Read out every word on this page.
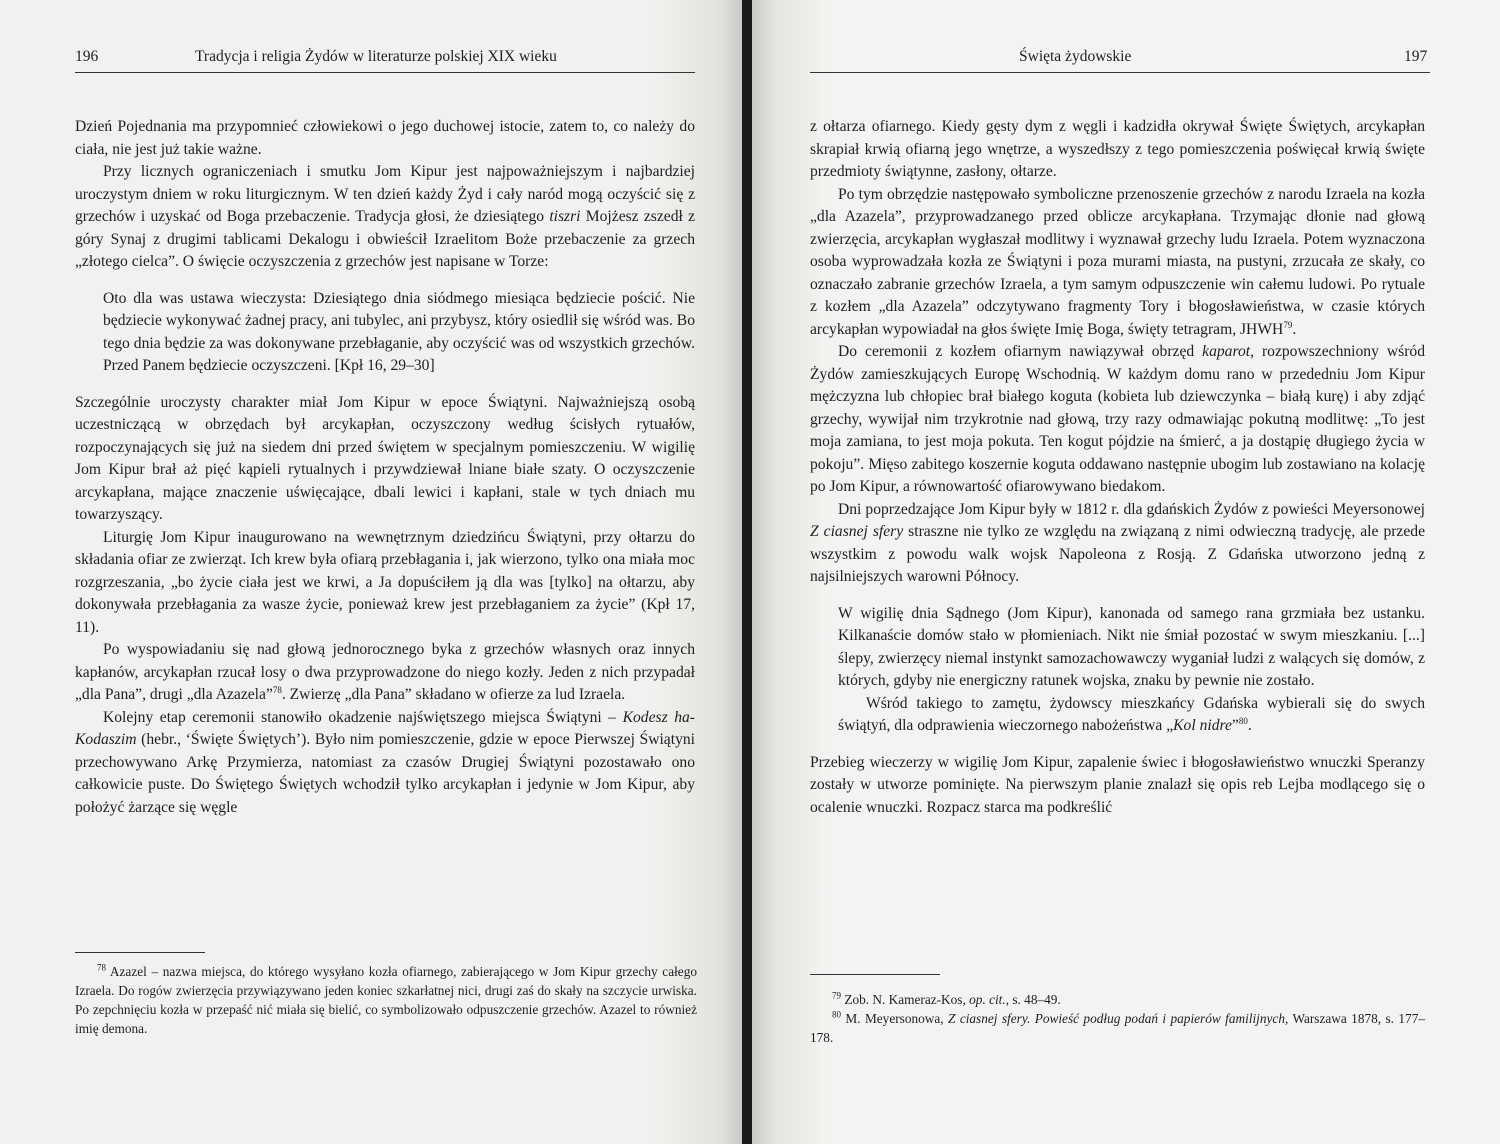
196	Tradycja i religia Żydów w literaturze polskiej XIX wieku

Dzień Pojednania ma przypomnieć człowiekowi o jego duchowej istocie, zatem to, co należy do ciała, nie jest już takie ważne.

Przy licznych ograniczeniach i smutku Jom Kipur jest najpoważniejszym i najbardziej uroczystym dniem w roku liturgicznym. W ten dzień każdy Żyd i cały naród mogą oczyścić się z grzechów i uzyskać od Boga przebaczenie. Tradycja głosi, że dziesiątego tiszri Mojżesz zszedł z góry Synaj z drugimi tablicami Dekalogu i obwieścił Izraelitom Boże przebaczenie za grzech „złotego cielca”. O święcie oczyszczenia z grzechów jest napisane w Torze:

Oto dla was ustawa wieczysta: Dziesiątego dnia siódmego miesiąca będziecie pościć. Nie będziecie wykonywać żadnej pracy, ani tubylec, ani przybysz, który osiedlił się wśród was. Bo tego dnia będzie za was dokonywane przebłaganie, aby oczyścić was od wszystkich grzechów. Przed Panem będziecie oczyszczeni. [Kpł 16, 29–30]

Szczególnie uroczysty charakter miał Jom Kipur w epoce Świątyni. Najważniejszą osobą uczestniczącą w obrzędach był arcykapłan, oczyszczony według ścisłych rytuałów, rozpoczynających się już na siedem dni przed świętem w specjalnym pomieszczeniu. W wigilię Jom Kipur brał aż pięć kąpieli rytualnych i przywdziewał lniane białe szaty. O oczyszczenie arcykapłana, mające znaczenie uświęcające, dbali lewici i kapłani, stale w tych dniach mu towarzyszący.

Liturgię Jom Kipur inaugurowano na wewnętrznym dziedzińcu Świątyni, przy ołtarzu do składania ofiar ze zwierząt. Ich krew była ofiarą przebłagania i, jak wierzono, tylko ona miała moc rozgrzeszania, „bo życie ciała jest we krwi, a Ja dopuściłem ją dla was [tylko] na ołtarzu, aby dokonywała przebłagania za wasze życie, ponieważ krew jest przebłaganiem za życie” (Kpł 17, 11).

Po wyspowiadaniu się nad głową jednorocznego byka z grzechów własnych oraz innych kapłanów, arcykapłan rzucał losy o dwa przyprowadzone do niego kozły. Jeden z nich przypadał „dla Pana”, drugi „dla Azazela”$^{78}$. Zwierzę „dla Pana” składano w ofierze za lud Izraela.

Kolejny etap ceremonii stanowiło okadzenie najświętszego miejsca Świątyni – Kodesz ha-Kodaszim (hebr., ‘Święte Świętych’). Było nim pomieszczenie, gdzie w epoce Pierwszej Świątyni przechowywano Arkę Przymierza, natomiast za czasów Drugiej Świątyni pozostawało ono całkowicie puste. Do Świętego Świętych wchodził tylko arcykapłan i jedynie w Jom Kipur, aby położyć żarzące się węgle

$^{78}$ Azazel – nazwa miejsca, do którego wysyłano kozła ofiarnego, zabierającego w Jom Kipur grzechy całego Izraela. Do rogów zwierzęcia przywiązywano jeden koniec szkarłatnej nici, drugi zaś do skały na szczycie urwiska. Po zepchnięciu kozła w przepaść nić miała się bielić, co symbolizowało odpuszczenie grzechów. Azazel to również imię demona.

Święta żydowskie	197

z ołtarza ofiarnego. Kiedy gęsty dym z węgli i kadzidła okrywał Święte Świętych, arcykapłan skrapiał krwią ofiarną jego wnętrze, a wyszedłszy z tego pomieszczenia poświęcał krwią święte przedmioty świątynne, zasłony, ołtarze.

Po tym obrzędzie następowało symboliczne przenoszenie grzechów z narodu Izraela na kozła „dla Azazela”, przyprowadzanego przed oblicze arcykapłana. Trzymając dłonie nad głową zwierzęcia, arcykapłan wygłaszał modlitwy i wyznawał grzechy ludu Izraela. Potem wyznaczona osoba wyprowadzała kozła ze Świątyni i poza murami miasta, na pustyni, zrzucała ze skały, co oznaczało zabranie grzechów Izraela, a tym samym odpuszczenie win całemu ludowi. Po rytuale z kozłem „dla Azazela” odczytywano fragmenty Tory i błogosławieństwa, w czasie których arcykapłan wypowiadał na głos święte Imię Boga, święty tetragram, JHWH$^{79}$.

Do ceremonii z kozłem ofiarnym nawiązywał obrzęd kaparot, rozpowszechniony wśród Żydów zamieszkujących Europę Wschodnią. W każdym domu rano w przededniu Jom Kipur mężczyzna lub chłopiec brał białego koguta (kobieta lub dziewczynka – białą kurę) i aby zdjąć grzechy, wywijał nim trzykrotnie nad głową, trzy razy odmawiając pokutną modlitwę: „To jest moja zamiana, to jest moja pokuta. Ten kogut pójdzie na śmierć, a ja dostąpię długiego życia w pokoju”. Mięso zabitego koszernie koguta oddawano następnie ubogim lub zostawiano na kolację po Jom Kipur, a równowartość ofiarowywano biedakom.

Dni poprzedzające Jom Kipur były w 1812 r. dla gdańskich Żydów z powieści Meyersonowej Z ciasnej sfery straszne nie tylko ze względu na związaną z nimi odwieczną tradycję, ale przede wszystkim z powodu walk wojsk Napoleona z Rosją. Z Gdańska utworzono jedną z najsilniejszych warowni Północy.

W wigilię dnia Sądnego (Jom Kipur), kanonada od samego rana grzmiała bez ustanku. Kilkanaście domów stało w płomieniach. Nikt nie śmiał pozostać w swym mieszkaniu. [...] ślepy, zwierzęcy niemal instynkt samozachowawczy wyganiał ludzi z walących się domów, z których, gdyby nie energiczny ratunek wojska, znaku by pewnie nie zostało.

Wśród takiego to zamętu, żydowscy mieszkańcy Gdańska wybierali się do swych świątyń, dla odprawienia wieczornego nabożeństwa „Kol nidre”$^{80}$.

Przebieg wieczerzy w wigilię Jom Kipur, zapalenie świec i błogosławieństwo wnuczki Speranzy zostały w utworze pominięte. Na pierwszym planie znalazł się opis reb Lejba modlącego się o ocalenie wnuczki. Rozpacz starca ma podkreślić

$^{79}$ Zob. N. Kameraz-Kos, op. cit., s. 48–49.

$^{80}$ M. Meyersonowa, Z ciasnej sfery. Powieść podług podań i papierów familijnych, Warszawa 1878, s. 177–178.
